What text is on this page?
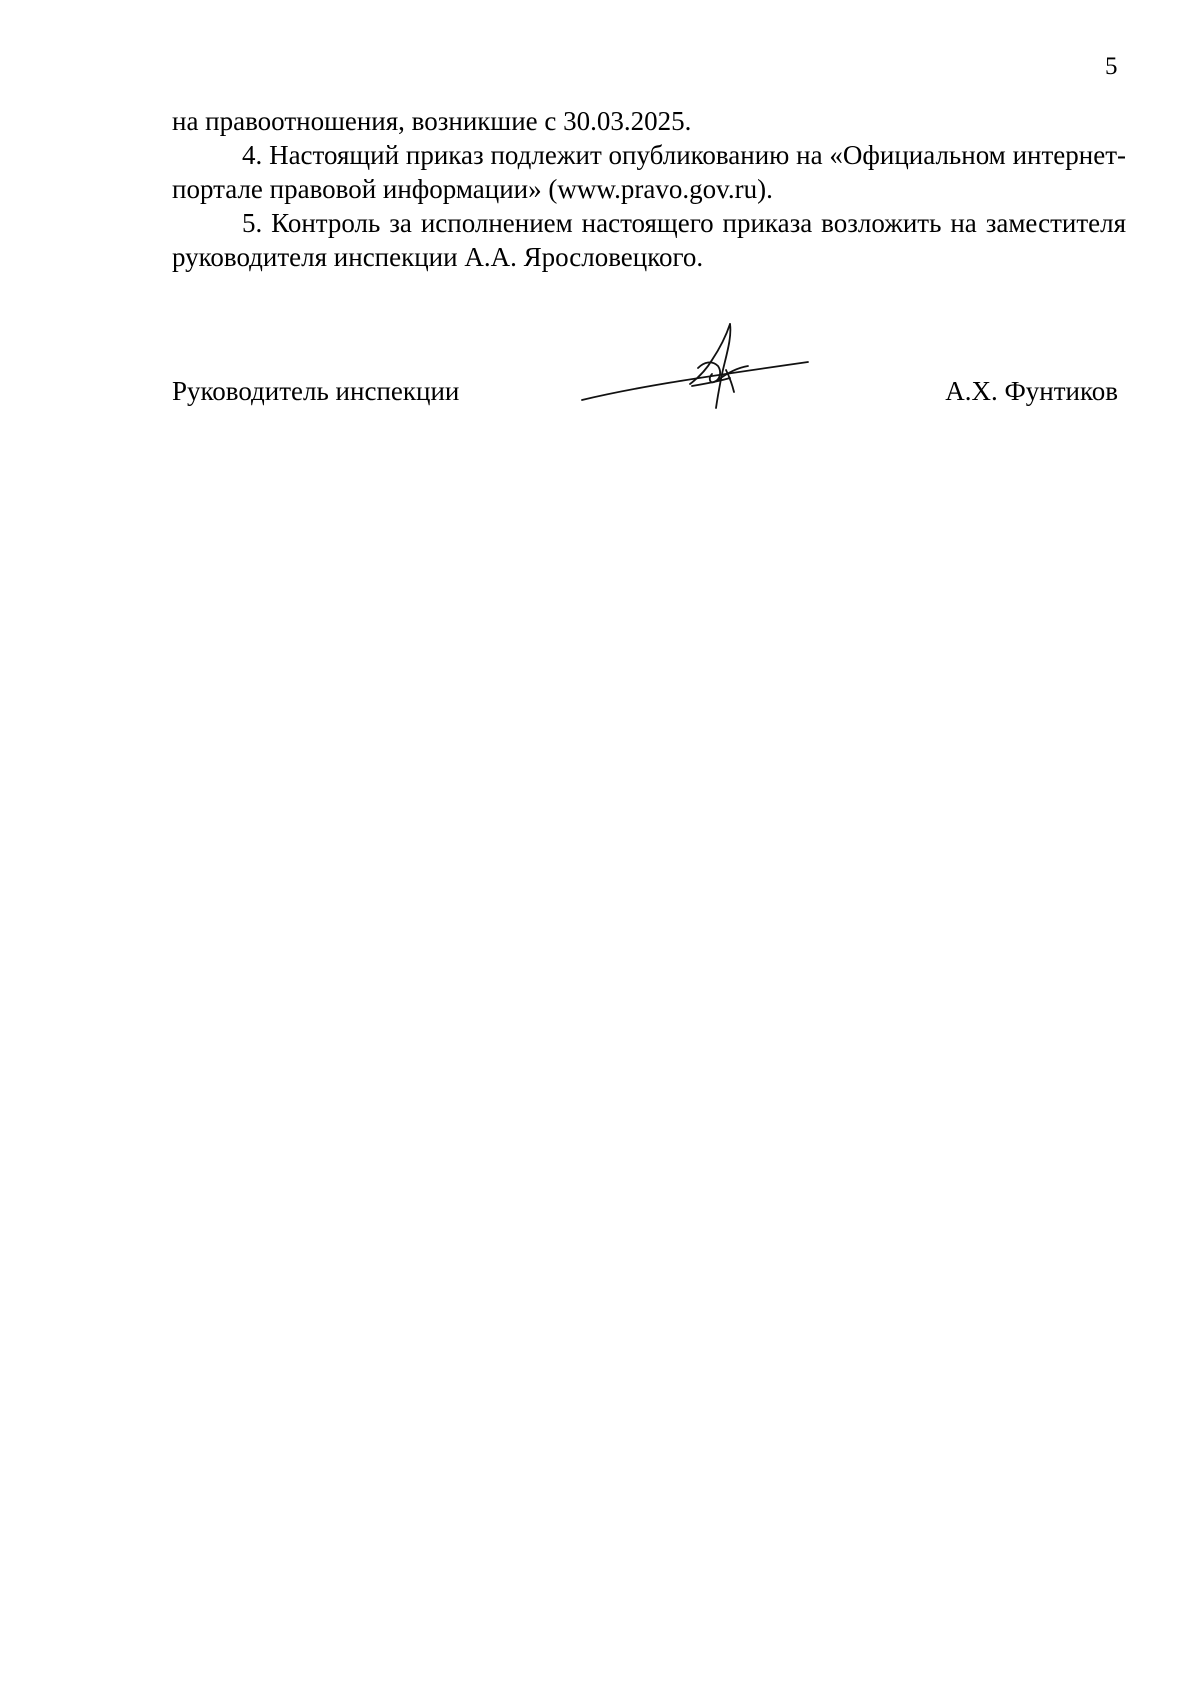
5

на правоотношения, возникшие с 30.03.2025.

4. Настоящий приказ подлежит опубликованию на «Официальном интернет-портале правовой информации» (www.pravo.gov.ru).

5. Контроль за исполнением настоящего приказа возложить на заместителя руководителя инспекции А.А. Ярословецкого.

Руководитель инспекции	А.Х. Фунтиков
